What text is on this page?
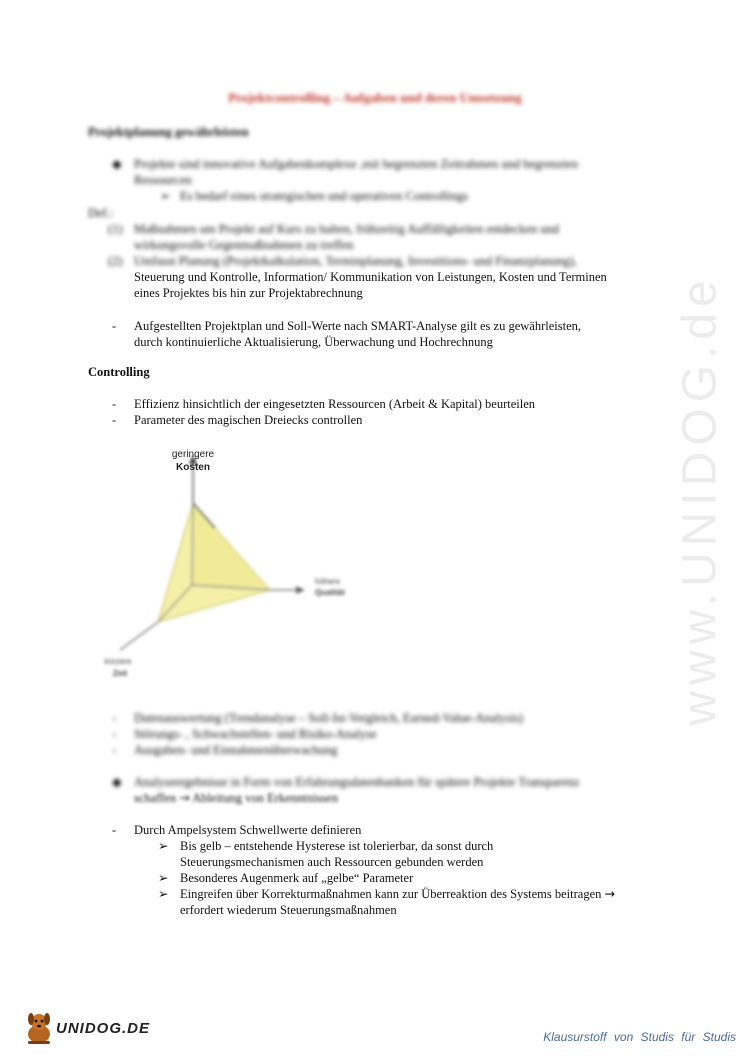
www.UNIDOG.de
Projektcontrolling – Aufgaben und deren Umsetzung
Projektplanung gewährleisten
◆ Projekte sind innovative Aufgabenkomplexe ,mit begrenzten Zeitrahmen und begrenzten
Ressourcen
➢ Es bedarf eines strategischen und operativen Controllings
Def.:
(1) Maßnahmen um Projekt auf Kurs zu halten, frühzeitig Auffälligkeiten entdecken und
wirkungsvolle Gegenmaßnahmen zu treffen
(2) Umfasst Planung (Projektkalkulation, Terminplanung, Investitions- und Finanzplanung),
Steuerung und Kontrolle, Information/ Kommunikation von Leistungen, Kosten und Terminen
eines Projektes bis hin zur Projektabrechnung
- Aufgestellten Projektplan und Soll-Werte nach SMART-Analyse gilt es zu gewährleisten,
durch kontinuierliche Aktualisierung, Überwachung und Hochrechnung
Controlling
- Effizienz hinsichtlich der eingesetzten Ressourcen (Arbeit & Kapital) beurteilen
- Parameter des magischen Dreiecks controllen
geringere
Kosten
höhere
Qualität
kürzere
Zeit
- Datenauswertung (Trendanalyse – Soll-Ist-Vergleich, Earned-Value-Analysis)
- Störungs- , Schwachstellen- und Risiko-Analyse
- Ausgaben- und Einnahmenüberwachung
◆ Analyseergebnisse in Form von Erfahrungsdatenbanken für spätere Projekte Transparenz
schaffen → Ableitung von Erkenntnissen
- Durch Ampelsystem Schwellwerte definieren
➢ Bis gelb – entstehende Hysterese ist tolerierbar, da sonst durch
Steuerungsmechanismen auch Ressourcen gebunden werden
➢ Besonderes Augenmerk auf „gelbe“ Parameter
➢ Eingreifen über Korrekturmaßnahmen kann zur Überreaktion des Systems beitragen →
erfordert wiederum Steuerungsmaßnahmen
UNIDOG.DE	Klausurstoff von Studis für Studis
